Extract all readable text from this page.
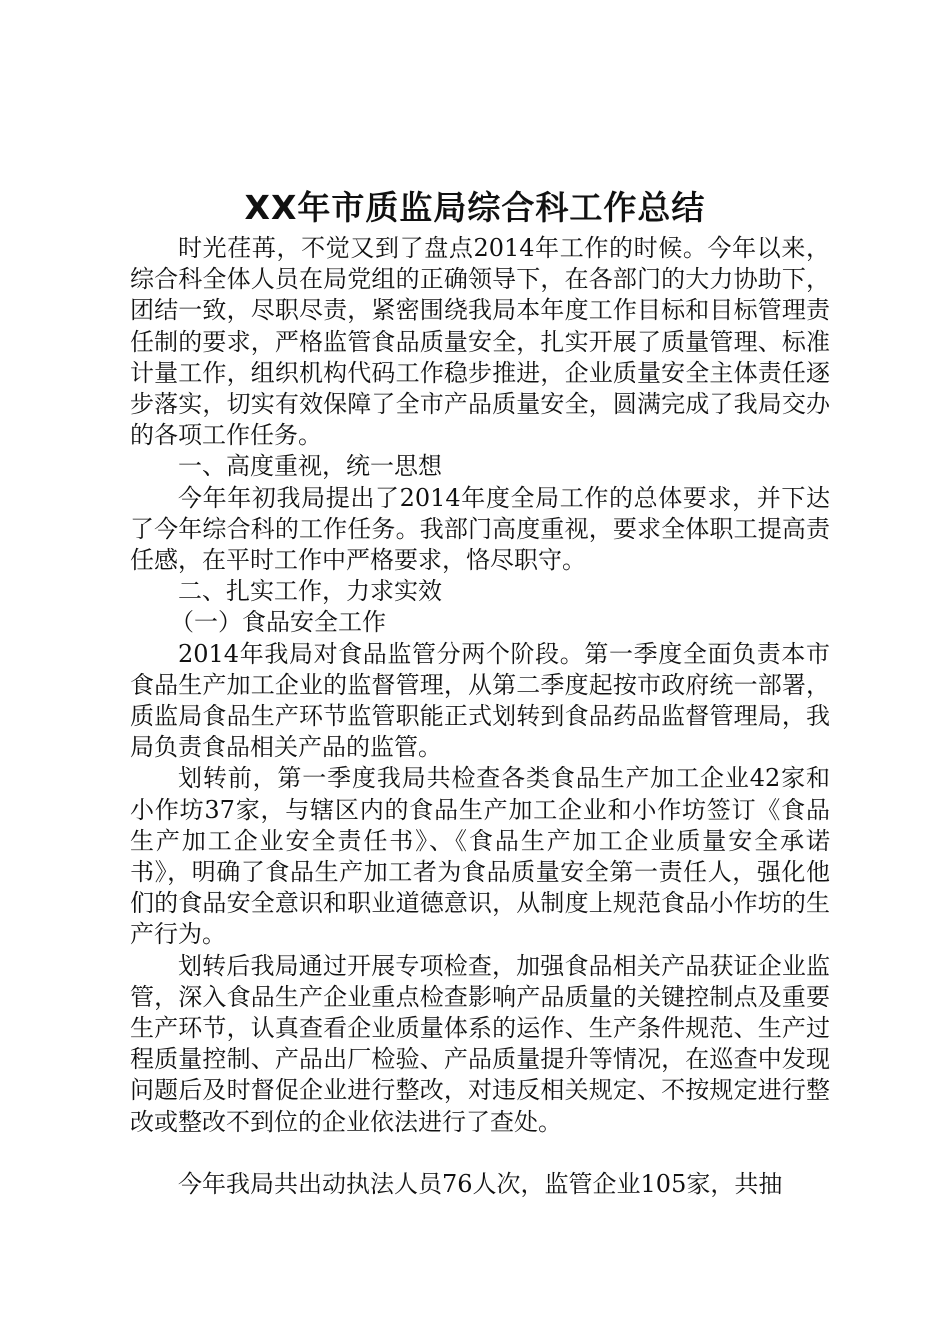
XX年市质监局综合科工作总结

时光荏苒，不觉又到了盘点2014年工作的时候。今年以来，综合科全体人员在局党组的正确领导下，在各部门的大力协助下，团结一致，尽职尽责，紧密围绕我局本年度工作目标和目标管理责任制的要求，严格监管食品质量安全，扎实开展了质量管理、标准计量工作，组织机构代码工作稳步推进，企业质量安全主体责任逐步落实，切实有效保障了全市产品质量安全，圆满完成了我局交办的各项工作任务。

一、高度重视，统一思想

今年年初我局提出了2014年度全局工作的总体要求，并下达了今年综合科的工作任务。我部门高度重视，要求全体职工提高责任感，在平时工作中严格要求，恪尽职守。

二、扎实工作，力求实效

（一）食品安全工作

2014年我局对食品监管分两个阶段。第一季度全面负责本市食品生产加工企业的监督管理，从第二季度起按市政府统一部署，质监局食品生产环节监管职能正式划转到食品药品监督管理局，我局负责食品相关产品的监管。

划转前，第一季度我局共检查各类食品生产加工企业42家和小作坊37家，与辖区内的食品生产加工企业和小作坊签订《食品生产加工企业安全责任书》、《食品生产加工企业质量安全承诺书》，明确了食品生产加工者为食品质量安全第一责任人，强化他们的食品安全意识和职业道德意识，从制度上规范食品小作坊的生产行为。

划转后我局通过开展专项检查，加强食品相关产品获证企业监管，深入食品生产企业重点检查影响产品质量的关键控制点及重要生产环节，认真查看企业质量体系的运作、生产条件规范、生产过程质量控制、产品出厂检验、产品质量提升等情况，在巡查中发现问题后及时督促企业进行整改，对违反相关规定、不按规定进行整改或整改不到位的企业依法进行了查处。

今年我局共出动执法人员76人次，监管企业105家，共抽
